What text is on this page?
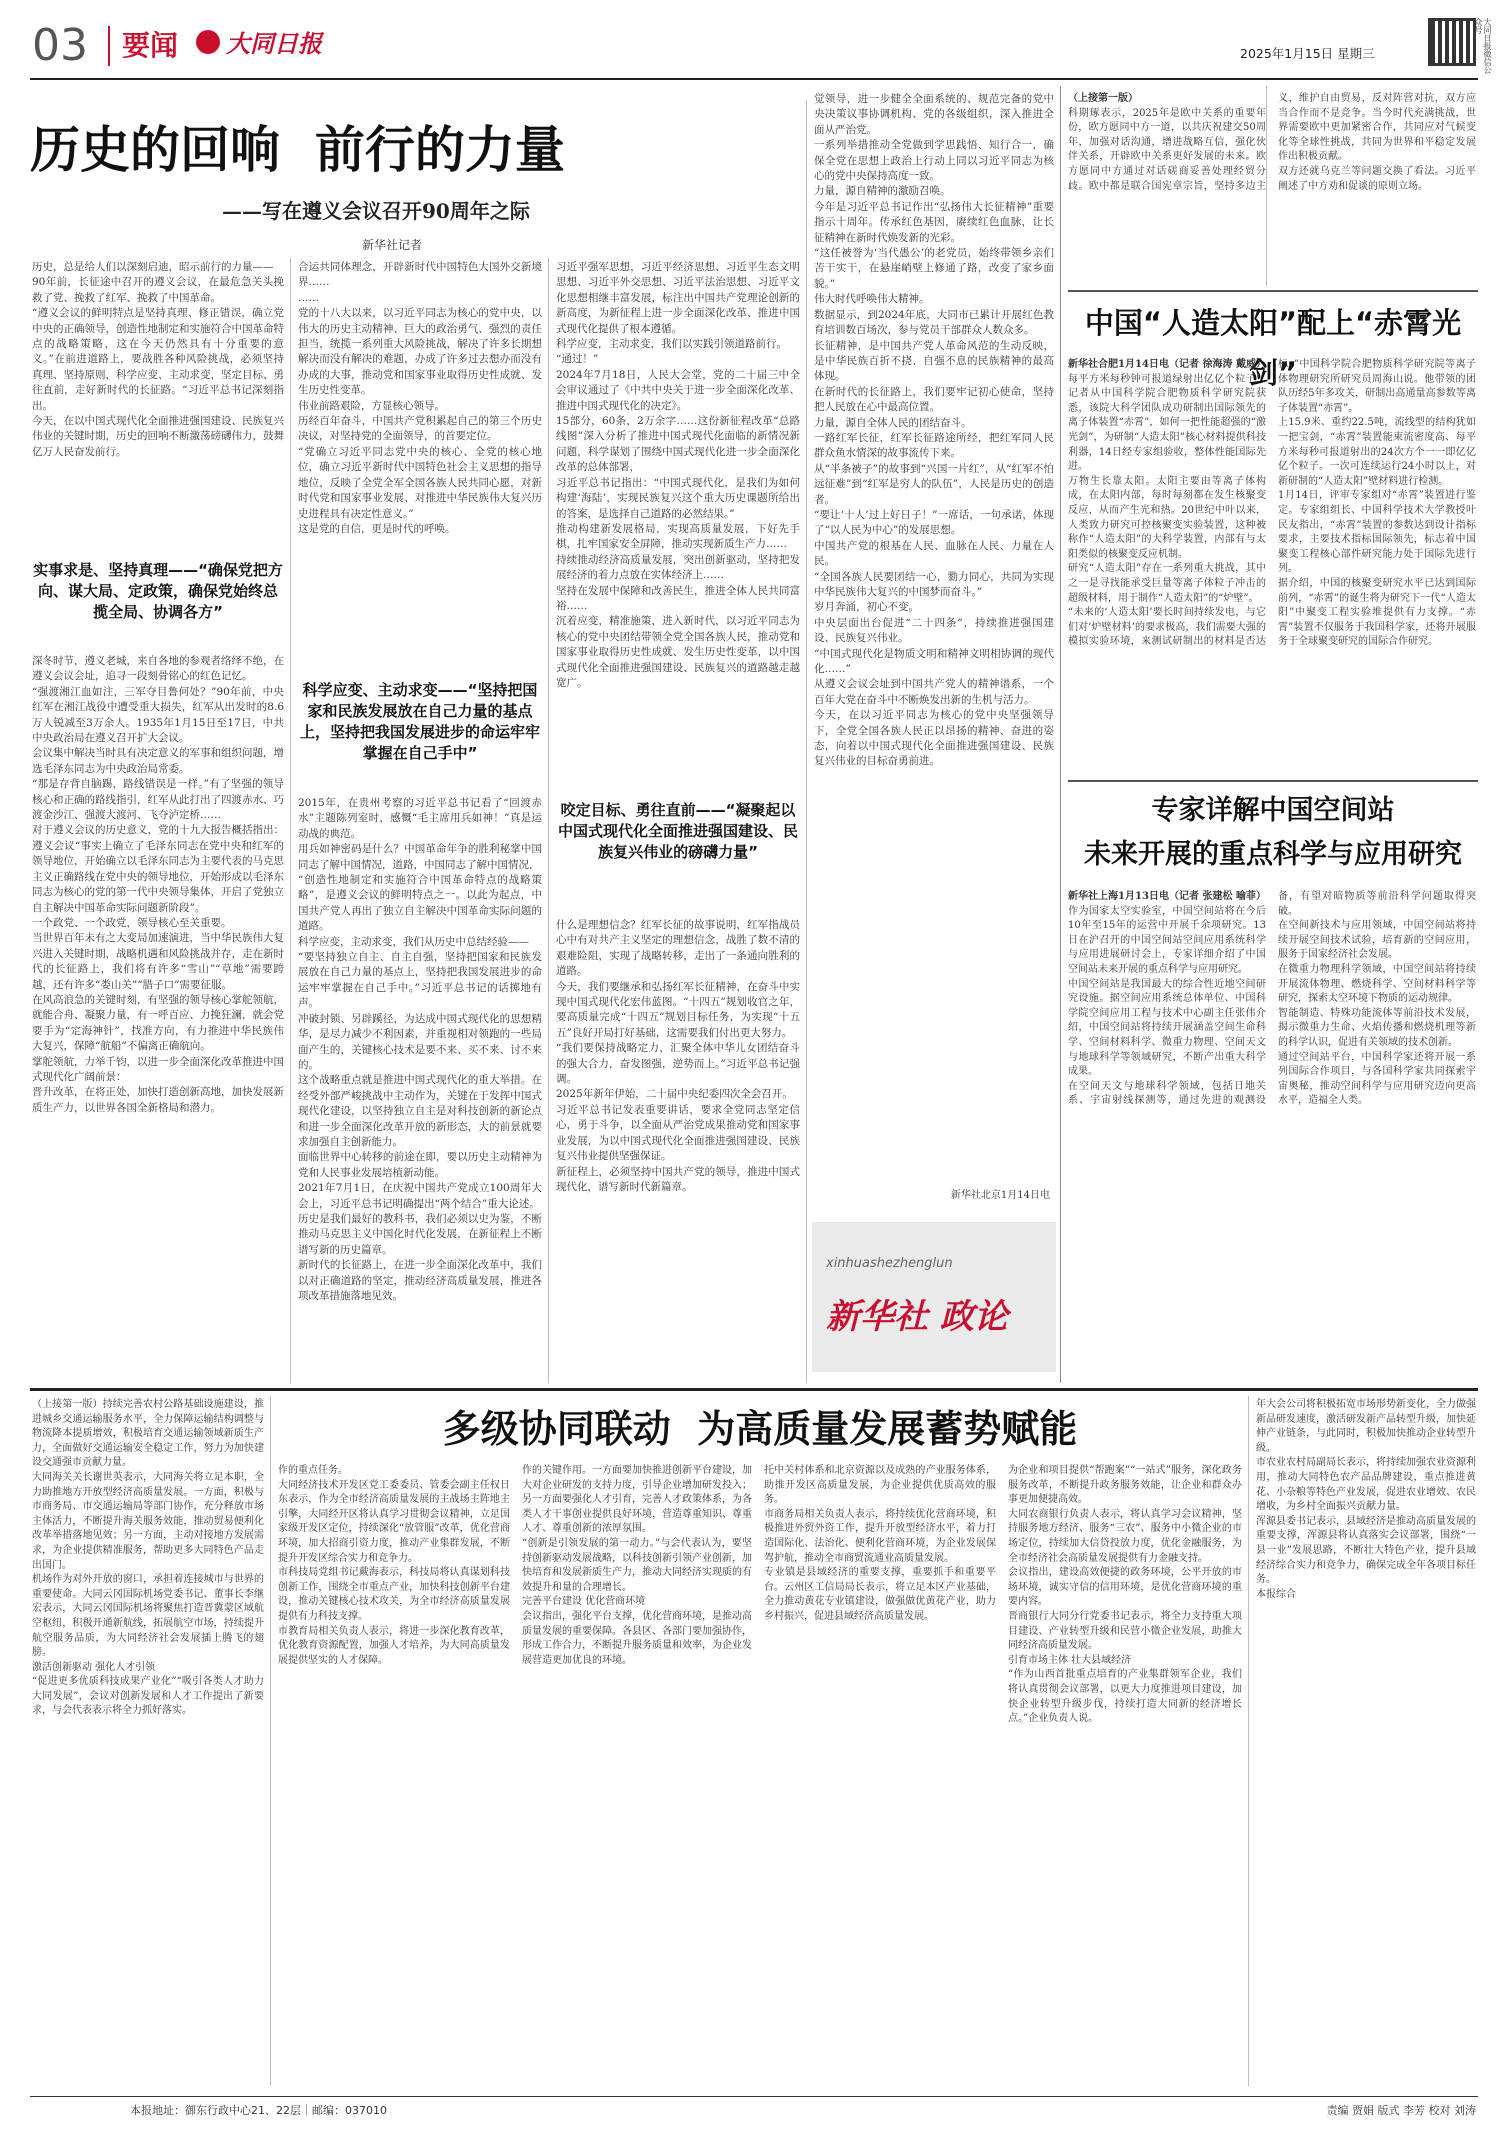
03	要闻	大同日报	2025年1月15日 星期三	大同日报微信公众号
历史的回响  前行的力量
——写在遵义会议召开90周年之际
新华社记者
历史，总是给人们以深刻启迪，昭示前行的力量——
90年前，长征途中召开的遵义会议，在最危急关头挽救了党、挽救了红军、挽救了中国革命。
“遵义会议的鲜明特点是坚持真理、修正错误，确立党中央的正确领导，创造性地制定和实施符合中国革命特点的战略策略，这在今天仍然具有十分重要的意义。”在前进道路上，要战胜各种风险挑战，必须坚持真理、坚持原则，科学应变、主动求变，坚定目标、勇往直前，走好新时代的长征路。“习近平总书记深刻指出。
今天，在以中国式现代化全面推进强国建设、民族复兴伟业的关键时期，历史的回响不断激荡磅礴伟力，鼓舞亿万人民奋发前行。
实事求是、坚持真理——“确保党把方向、谋大局、定政策，确保党始终总揽全局、协调各方”
深冬时节，遵义老城，来自各地的参观者络绎不绝，在遵义会议会址，追寻一段刻骨铭心的红色记忆。
“强渡湘江血如注，三军夺目鲁何处？”90年前，中央红军在湘江战役中遭受重大损失，红军从出发时的8.6万人锐减至3万余人。1935年1月15日至17日，中共中央政治局在遵义召开扩大会议。
会议集中解决当时具有决定意义的军事和组织问题，增选毛泽东同志为中央政治局常委。
“那是存背自脑踢，路线错误是一样。”有了坚强的领导核心和正确的路线指引，红军从此打出了四渡赤水、巧渡金沙江、强渡大渡河、飞夺泸定桥……
对于遵义会议的历史意义，党的十九大报告概括指出：遵义会议“事实上确立了毛泽东同志在党中央和红军的领导地位，开始确立以毛泽东同志为主要代表的马克思主义正确路线在党中央的领导地位，开始形成以毛泽东同志为核心的党的第一代中央领导集体，开启了党独立自主解决中国革命实际问题新阶段”。
一个政党、一个政党，领导核心至关重要。
当世界百年未有之大变局加速演进，当中华民族伟大复兴进入关键时期，战略机遇和风险挑战并存，走在新时代的长征路上，我们将有许多“雪山”“草地”需要跨越，还有许多“娄山关”“腊子口”需要征服。
在风高浪急的关键时刻，有坚强的领导核心掌舵领航，就能合舟、凝聚力量，有一呼百应、力挽狂澜，就会党要手为“定海神针”，找准方向，有力推进中华民族伟大复兴，保障“航船”不偏离正确航向。
掌舵领航，力举千钧，以进一步全面深化改革推进中国式现代化广阔前景：
晋升改革，在将正处，加快打造创新高地，加快发展新质生产力，以世界各国全新格局和潜力。
合运共同体理念，开辟新时代中国特色大国外交新境界……
……
党的十八大以来，以习近平同志为核心的党中央，以伟大的历史主动精神、巨大的政治勇气、强烈的责任担当，统揽一系列重大风险挑战，解决了许多长期想解决而没有解决的难题，办成了许多过去想办而没有办成的大事，推动党和国家事业取得历史性成就、发生历史性变革。
伟业前路艰险，方显核心领导。
历经百年奋斗，中国共产党积累起自己的第三个历史决议，对坚持党的全面领导，的首要定位。
“党确立习近平同志党中央的核心、全党的核心地位，确立习近平新时代中国特色社会主义思想的指导地位，反映了全党全军全国各族人民共同心愿，对新时代党和国家事业发展、对推进中华民族伟大复兴历史进程具有决定性意义。”
这是党的自信，更是时代的呼唤。
科学应变、主动求变——“坚持把国家和民族发展放在自己力量的基点上，坚持把我国发展进步的命运牢牢掌握在自己手中”
2015年，在贵州考察的习近平总书记看了“回渡赤水”主题陈列室时，感慨“毛主席用兵如神！”真是运动战的典范。
用兵如神密码是什么？中国革命年争的胜利秘掌中国同志了解中国情况，道路，中国同志了解中国情况，
“创造性地制定和实施符合中国革命特点的战略策略”，是遵义会议的鲜明特点之一。以此为起点，中国共产党人再出了独立自主解决中国革命实际问题的道路。
科学应变，主动求变，我们从历史中总结经验——
“要坚持独立自主、自主自强，坚持把国家和民族发展放在自己力量的基点上，坚持把我国发展进步的命运牢牢掌握在自己手中。”习近平总书记的话掷地有声。
冲破封锁、另辟蹊径，为达成中国式现代化的思想精华，是尽力减少不利因素，并重视相对领跑的一些局面产生的，关键核心技术是要不来、买不来、讨不来的。
这个战略重点就是推进中国式现代化的重大举措。在经受外部严峻挑战中主动作为，关键在于发挥中国式现代化建设，以坚持独立自主是对科技创新的新论点和进一步全面深化改革开放的新形态，大的前景就要求加强自主创新能力。
面临世界中心转移的前途在即，要以历史主动精神为党和人民事业发展培植新动能。
2021年7月1日，在庆祝中国共产党成立100周年大会上，习近平总书记明确提出“两个结合”重大论述。
历史是我们最好的教科书，我们必须以史为鉴，不断推动马克思主义中国化时代化发展，在新征程上不断谱写新的历史篇章。
新时代的长征路上，在进一步全面深化改革中，我们以对正确道路的坚定，推动经济高质量发展，推进各项改革措施落地见效。
习近平强军思想，习近平经济思想、习近平生态文明思想、习近平外交思想、习近平法治思想、习近平文化思想相继丰富发展，标注出中国共产党理论创新的新高度，为新征程上进一步全面深化改革、推进中国式现代化提供了根本遵循。
科学应变，主动求变，我们以实践引领道路前行。
“通过！”
2024年7月18日，人民大会堂，党的二十届三中全会审议通过了《中共中央关于进一步全面深化改革、推进中国式现代化的决定》。
15部分，60条，2万余字……这份新征程改革“总路线图”深入分析了推进中国式现代化面临的新情况新问题，科学谋划了围绕中国式现代化进一步全面深化改革的总体部署，
习近平总书记指出：“中国式现代化，是我们为如何构建‘海陆’，实现民族复兴这个重大历史课题所给出的答案，是选择自己道路的必然结果。”
推动构建新发展格局，实现高质量发展，下好先手棋，扎牢国家安全屏障，推动实现新质生产力……
持续推动经济高质量发展，突出创新驱动，坚持把发展经济的着力点放在实体经济上……
坚持在发展中保障和改善民生，推进全体人民共同富裕……
沉着应变，精准施策，进入新时代，以习近平同志为核心的党中央团结带领全党全国各族人民，推动党和国家事业取得历史性成就、发生历史性变革，以中国式现代化全面推进强国建设、民族复兴的道路越走越宽广。
咬定目标、勇往直前——“凝聚起以中国式现代化全面推进强国建设、民族复兴伟业的磅礴力量”
什么是理想信念？红军长征的故事说明，红军指战员心中有对共产主义坚定的理想信念，战胜了数不清的艰难险阻，实现了战略转移，走出了一条通向胜利的道路。
今天，我们要继承和弘扬红军长征精神，在奋斗中实现中国式现代化宏伟蓝图。“十四五”规划收官之年，要高质量完成“十四五”规划目标任务，为实现“十五五”良好开局打好基础，这需要我们付出更大努力。
“我们要保持战略定力，汇聚全体中华儿女团结奋斗的强大合力，奋发图强，逆势而上。”习近平总书记强调。
2025年新年伊始，二十届中央纪委四次全会召开。
习近平总书记发表重要讲话，要求全党同志坚定信心，勇于斗争，以全面从严治党成果推动党和国家事业发展，为以中国式现代化全面推进强国建设、民族复兴伟业提供坚强保证。
新征程上，必须坚持中国共产党的领导，推进中国式现代化，谱写新时代新篇章。
觉领导，进一步健全全面系统的、规范完备的党中央决策议事协调机构、党的各级组织，深入推进全面从严治党。
一系列举措推动全党做到学思践悟、知行合一，确保全党在思想上政治上行动上同以习近平同志为核心的党中央保持高度一致。
力量，源自精神的激励召唤。
今年是习近平总书记作出“弘扬伟大长征精神”重要指示十周年。传承红色基因，赓续红色血脉，让长征精神在新时代焕发新的光彩。
“这任被誉为‘当代愚公’的老党员，始终带领乡亲们苦干实干，在悬崖峭壁上修通了路，改变了家乡面貌。”
伟大时代呼唤伟大精神。
数据显示，到2024年底，大同市已累计开展红色教育培训数百场次，参与党员干部群众人数众多。
长征精神，是中国共产党人革命风范的生动反映，是中华民族百折不挠、自强不息的民族精神的最高体现。
在新时代的长征路上，我们要牢记初心使命，坚持把人民放在心中最高位置。
力量，源自全体人民的团结奋斗。
一路红军长征，红军长征路途所经，把红军同人民群众鱼水情深的故事流传下来。
从“半条被子”的故事到“兴国一片红”，从“红军不怕远征难”到“红军是穷人的队伍”，人民是历史的创造者。
“要让‘十人’过上好日子！”一席话，一句承诺，体现了“以人民为中心”的发展思想。
中国共产党的根基在人民、血脉在人民、力量在人民。
“全国各族人民要团结一心，勠力同心，共同为实现中华民族伟大复兴的中国梦而奋斗。”
岁月奔涌，初心不变。
中央层面出台促进“二十四条”，持续推进强国建设、民族复兴伟业。
“中国式现代化是物质文明和精神文明相协调的现代化……”
从遵义会议会址到中国共产党人的精神谱系，一个百年大党在奋斗中不断焕发出新的生机与活力。
今天，在以习近平同志为核心的党中央坚强领导下，全党全国各族人民正以昂扬的精神、奋进的姿态，向着以中国式现代化全面推进强国建设、民族复兴伟业的目标奋勇前进。
新华社北京1月14日电
xinhuashezhenglun
新华社 政论
（上接第一版）
科期琢表示，2025年是欧中关系的重要年份，欧方愿同中方一道，以共庆祝建交50周年，加强对话沟通，增进战略互信，强化伙伴关系，开辟欧中关系更好发展的未来。欧方愿同中方通过对话磋商妥善处理经贸分歧。欧中都是联合国宪章宗旨，坚持多边主义，维护自由贸易，反对阵营对抗，双方应当合作而不是竞争。当今时代充满挑战，世界需要欧中更加紧密合作，共同应对气候变化等全球性挑战，共同为世界和平稳定发展作出积极贡献。
双方还就乌克兰等问题交换了看法。习近平阐述了中方劝和促谈的原则立场。
中国“人造太阳”配上“赤霄光剑”
新华社合肥1月14日电（记者 徐海涛 戴威）每平方米每秒钟可报道绿射出亿亿个粒子！记者从中国科学院合肥物质科学研究院获悉，该院大科学团队成功研制出国际领先的离子体装置“赤霄”，如何一把性能超强的“激光剑”，为研制“人造太阳”核心材料提供科技利器，14日经专家组验收，整体性能国际先进。
万物生长靠太阳。太阳主要由等离子体构成，在太阳内部，每时每刻都在发生核聚变反应，从而产生光和热。20世纪中叶以来，人类致力研究可控核聚变实验装置，这种被称作“人造太阳”的大科学装置，内部有与太阳类似的核聚变反应机制。
研究“人造太阳”存在一系列重大挑战，其中之一是寻找能承受巨量等离子体粒子冲击的超级材料，用于制作“人造太阳”的“炉壁”。
“未来的‘人造太阳’要长时间持续发电，与它们对‘炉壁材料’的要求极高，我们需要大强的模拟实验环境，来测试研制出的材料是否达标。”中国科学院合肥物质科学研究院等离子体物理研究所研究员周海山说。他带领的团队历经5年多攻关，研制出高通量高参数等离子体装置“赤霄”。
上15.9米、重约22.5吨，流线型的结构犹如一把宝剑，“赤霄”装置能束流密度高、每平方米每秒可报道射出的24次方个一一即亿亿亿个粒子。一次可连续运行24小时以上，对新研制的“人造太阳”壁材料进行检测。
1月14日，评审专家组对“赤霄”装置进行鉴定。专家组组长、中国科学技术大学教授叶民友指出，“赤霄”装置的参数达到设计指标要求，主要技术指标国际领先，标志着中国聚变工程核心部件研究能力处于国际先进行列。
据介绍，中国的核聚变研究水平已达到国际前列，“赤霄”的诞生将为研究下一代“人造太阳”中聚变工程实验堆提供有力支撑。“赤霄”装置不仅服务于我国科学家，还将开展服务于全球聚变研究的国际合作研究。
专家详解中国空间站
未来开展的重点科学与应用研究
新华社上海1月13日电（记者 张建松 喻菲）作为国家太空实验室，中国空间站将在今后10年至15年的运营中开展千余项研究。13日在沪召开的中国空间站空间应用系统科学与应用进展研讨会上，专家详细介绍了中国空间站未来开展的重点科学与应用研究。
中国空间站是我国最大的综合性近地空间研究设施。据空间应用系统总体单位、中国科学院空间应用工程与技术中心副主任张伟介绍，中国空间站将持续开展涵盖空间生命科学、空间材料科学、微重力物理、空间天文与地球科学等领域研究，不断产出重大科学成果。
在空间天文与地球科学领域，包括日地关系、宇宙射线探测等，通过先进的观测设备，有望对暗物质等前沿科学问题取得突破。
在空间新技术与应用领域，中国空间站将持续开展空间技术试验，培育新的空间应用，服务于国家经济社会发展。
在微重力物理科学领域，中国空间站将持续开展流体物理、燃烧科学、空间材料科学等研究，探索太空环境下物质的运动规律。
智能制造、特殊功能流体等前沿技术发展，揭示微重力生命、火焰传播和燃烧机理等新的科学认识，促进有关领域的技术创新。
通过空间站平台，中国科学家还将开展一系列国际合作项目，与各国科学家共同探索宇宙奥秘，推动空间科学与应用研究迈向更高水平，造福全人类。
多级协同联动  为高质量发展蓄势赋能
（上接第一版）持续完善农村公路基础设施建设，推进城乡交通运输服务水平，全力保障运输结构调整与物流降本提质增效，积极培育交通运输领域新质生产力，全面做好交通运输安全稳定工作，努力为加快建设交通强市贡献力量。
大同海关关长谢世英表示，大同海关将立足本职，全力助推地方开放型经济高质量发展。一方面，积极与市商务局、市交通运输局等部门协作，充分释放市场主体活力，不断提升海关服务效能，推动贸易便利化改革举措落地见效；另一方面，主动对接地方发展需求，为企业提供精准服务，帮助更多大同特色产品走出国门。
机场作为对外开放的窗口，承担着连接城市与世界的重要使命。大同云冈国际机场党委书记、董事长李继宏表示，大同云冈国际机场将聚焦打造晋冀蒙区域航空枢纽，积极开通新航线，拓展航空市场，持续提升航空服务品质，为大同经济社会发展插上腾飞的翅膀。
激活创新驱动 强化人才引领
“促进更多优质科技成果产业化”“吸引各类人才助力大同发展”，会议对创新发展和人才工作提出了新要求，与会代表表示将全力抓好落实。
作的重点任务。
大同经济技术开发区党工委委员、管委会副主任权日东表示，作为全市经济高质量发展的主战场主阵地主引擎，大同经开区将认真学习贯彻会议精神，立足国家级开发区定位，持续深化“放管服”改革，优化营商环境，加大招商引资力度，推动产业集群发展，不断提升开发区综合实力和竞争力。
市科技局党组书记戴海表示，科技局将认真谋划科技创新工作，围绕全市重点产业，加快科技创新平台建设，推动关键核心技术攻关，为全市经济高质量发展提供有力科技支撑。
市教育局相关负责人表示，将进一步深化教育改革，优化教育资源配置，加强人才培养，为大同高质量发展提供坚实的人才保障。
作的关键作用。一方面要加快推进创新平台建设，加大对企业研发的支持力度，引导企业增加研发投入；另一方面要强化人才引育，完善人才政策体系，为各类人才干事创业提供良好环境，营造尊重知识、尊重人才、尊重创新的浓厚氛围。
“创新是引领发展的第一动力。”与会代表认为，要坚持创新驱动发展战略，以科技创新引领产业创新，加快培育和发展新质生产力，推动大同经济实现质的有效提升和量的合理增长。
完善平台建设 优化营商环境
会议指出，强化平台支撑，优化营商环境，是推动高质量发展的重要保障。各县区、各部门要加强协作，形成工作合力，不断提升服务质量和效率，为企业发展营造更加优良的环境。
托中关村体系和北京资源以及成熟的产业服务体系，助推开发区高质量发展，为企业提供优质高效的服务。
市商务局相关负责人表示，将持续优化营商环境，积极推进外贸外资工作，提升开放型经济水平，着力打造国际化、法治化、便利化营商环境，为企业发展保驾护航，推动全市商贸流通业高质量发展。
专业镇是县域经济的重要支撑，重要抓手和重要平台。云州区工信局局长表示，将立足本区产业基础，全力推动黄花专业镇建设，做强做优黄花产业，助力乡村振兴，促进县域经济高质量发展。
为企业和项目提供“帮跑案”“一站式”服务，深化政务服务改革，不断提升政务服务效能，让企业和群众办事更加便捷高效。
大同农商银行负责人表示，将认真学习会议精神，坚持服务地方经济、服务“三农”、服务中小微企业的市场定位，持续加大信贷投放力度，优化金融服务，为全市经济社会高质量发展提供有力金融支持。
会议指出，建设高效便捷的政务环境，公平开放的市场环境，诚实守信的信用环境，是优化营商环境的重要内容。
晋商银行大同分行党委书记表示，将全力支持重大项目建设、产业转型升级和民营小微企业发展，助推大同经济高质量发展。
引育市场主体 壮大县域经济
“作为山西首批重点培育的产业集群领军企业，我们将认真贯彻会议部署，以更大力度推进项目建设，加快企业转型升级步伐，持续打造大同新的经济增长点。”企业负责人说。
年大会公司将积极拓宽市场形势新变化，全力做强新品研发速度，激活研发新产品转型升级，加快延伸产业链条，与此同时，积极加快推动企业转型升级。
市农业农村局副局长表示，将持续加强农业资源利用，推动大同特色农产品品牌建设，重点推进黄花、小杂粮等特色产业发展，促进农业增效、农民增收，为乡村全面振兴贡献力量。
浑源县委书记表示，县域经济是推动高质量发展的重要支撑，浑源县将认真落实会议部署，围绕“一县一业”发展思路，不断壮大特色产业，提升县域经济综合实力和竞争力，确保完成全年各项目标任务。
本报综合
本报地址：御东行政中心21、22层｜邮编：037010	责编 贾娟 版式 李芳 校对 刘涛
